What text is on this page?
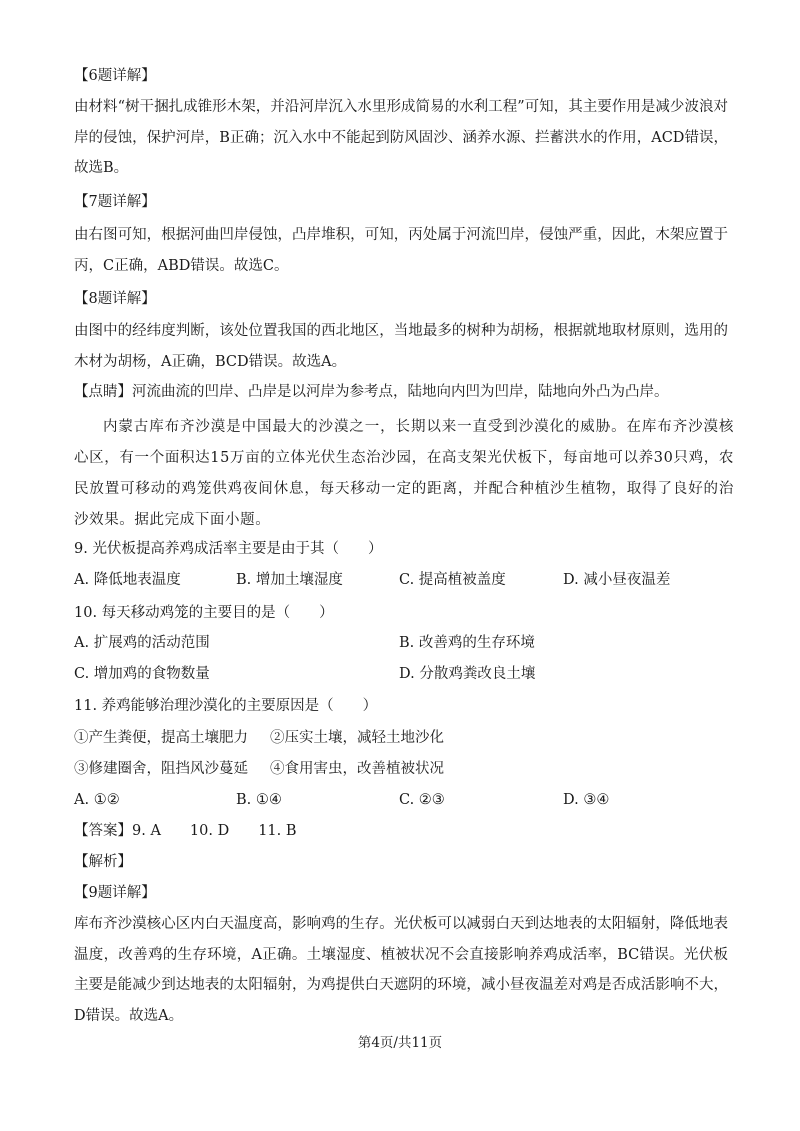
【6题详解】
由材料“树干捆扎成锥形木架，并沿河岸沉入水里形成简易的水利工程”可知，其主要作用是减少波浪对岸的侵蚀，保护河岸，B正确；沉入水中不能起到防风固沙、涵养水源、拦蓄洪水的作用，ACD错误，故选B。
【7题详解】
由右图可知，根据河曲凹岸侵蚀，凸岸堆积，可知，丙处属于河流凹岸，侵蚀严重，因此，木架应置于丙，C正确，ABD错误。故选C。
【8题详解】
由图中的经纬度判断，该处位置我国的西北地区，当地最多的树种为胡杨，根据就地取材原则，选用的木材为胡杨，A正确，BCD错误。故选A。
【点睛】河流曲流的凹岸、凸岸是以河岸为参考点，陆地向内凹为凹岸，陆地向外凸为凸岸。
内蒙古库布齐沙漠是中国最大的沙漠之一，长期以来一直受到沙漠化的威胁。在库布齐沙漠核心区，有一个面积达15万亩的立体光伏生态治沙园，在高支架光伏板下，每亩地可以养30只鸡，农民放置可移动的鸡笼供鸡夜间休息，每天移动一定的距离，并配合种植沙生植物，取得了良好的治沙效果。据此完成下面小题。
9. 光伏板提高养鸡成活率主要是由于其（　　）
A. 降低地表温度	B. 增加土壤湿度	C. 提高植被盖度	D. 减小昼夜温差
10. 每天移动鸡笼的主要目的是（　　）
A. 扩展鸡的活动范围	B. 改善鸡的生存环境
C. 增加鸡的食物数量	D. 分散鸡粪改良土壤
11. 养鸡能够治理沙漠化的主要原因是（　　）
①产生粪便，提高土壤肥力 ②压实土壤，减轻土地沙化
③修建圈舍，阻挡风沙蔓延 ④食用害虫，改善植被状况
A. ①②	B. ①④	C. ②③	D. ③④
【答案】9. A　　10. D　　11. B
【解析】
【9题详解】
库布齐沙漠核心区内白天温度高，影响鸡的生存。光伏板可以减弱白天到达地表的太阳辐射，降低地表温度，改善鸡的生存环境，A正确。土壤湿度、植被状况不会直接影响养鸡成活率，BC错误。光伏板主要是能减少到达地表的太阳辐射，为鸡提供白天遮阴的环境，减小昼夜温差对鸡是否成活影响不大，D错误。故选A。
第4页/共11页
